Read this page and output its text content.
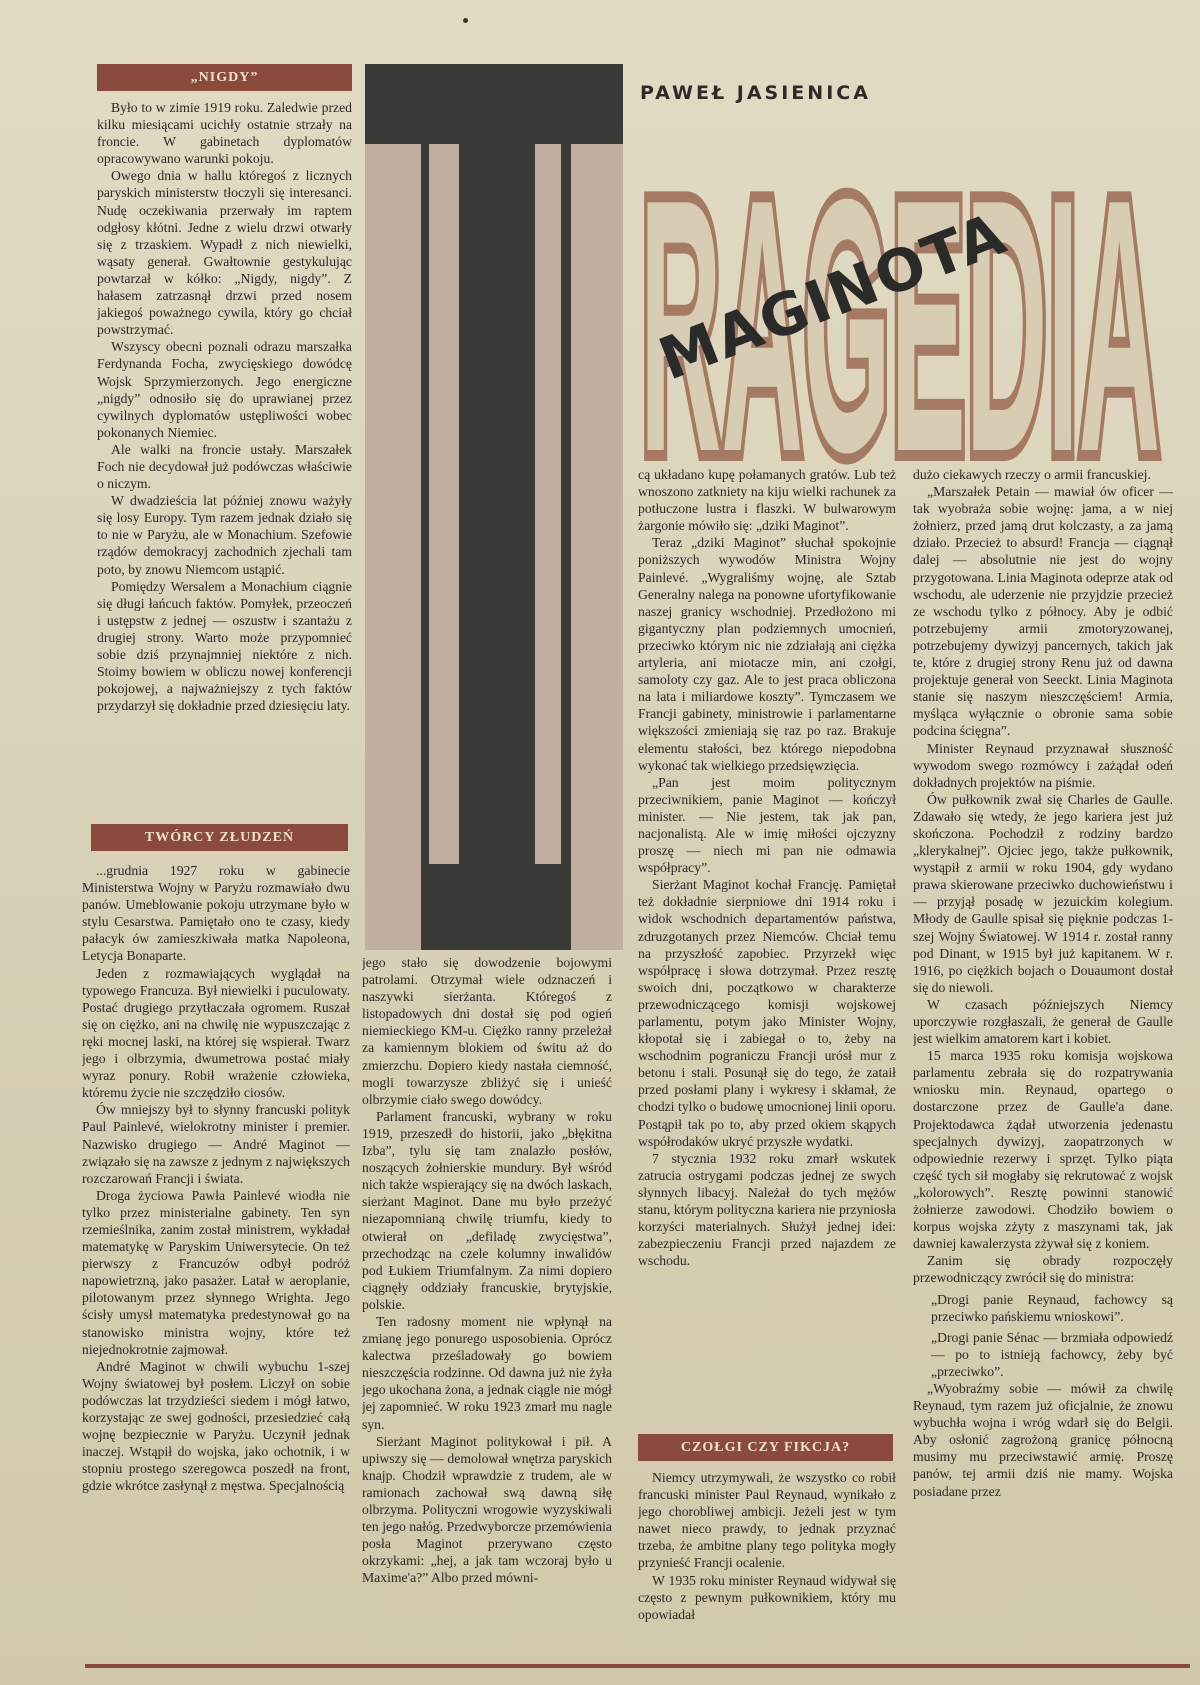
PAWEŁ JASIENICA
RAGEDIA
RAGEDIA
MAGINOTA
„NIGDY”

Było to w zimie 1919 roku. Zaledwie przed kilku miesiącami ucichły ostatnie strzały na froncie. W gabinetach dyplomatów opracowywano warunki pokoju.

Owego dnia w hallu któregoś z licznych paryskich ministerstw tłoczyli się interesanci. Nudę oczekiwania przerwały im raptem odgłosy kłótni. Jedne z wielu drzwi otwarły się z trzaskiem. Wypadł z nich niewielki, wąsaty generał. Gwałtownie gestykulując powtarzał w kółko: „Nigdy, nigdy”. Z hałasem zatrzasnął drzwi przed nosem jakiegoś poważnego cywila, który go chciał powstrzymać.

Wszyscy obecni poznali odrazu marszałka Ferdynanda Focha, zwycięskiego dowódcę Wojsk Sprzymierzonych. Jego energiczne „nigdy” odnosiło się do uprawianej przez cywilnych dyplomatów ustępliwości wobec pokonanych Niemiec.

Ale walki na froncie ustały. Marszałek Foch nie decydował już podówczas właściwie o niczym.

W dwadzieścia lat później znowu ważyły się losy Europy. Tym razem jednak działo się to nie w Paryżu, ale w Monachium. Szefowie rządów demokracyj zachodnich zjechali tam poto, by znowu Niemcom ustąpić.

Pomiędzy Wersalem a Monachium ciągnie się długi łańcuch faktów. Pomyłek, przeoczeń i ustępstw z jednej — oszustw i szantażu z drugiej strony. Warto może przypomnieć sobie dziś przynajmniej niektóre z nich. Stoimy bowiem w obliczu nowej konferencji pokojowej, a najważniejszy z tych faktów przydarzył się dokładnie przed dziesięciu laty.

TWÓRCY ZŁUDZEŃ

...grudnia 1927 roku w gabinecie Ministerstwa Wojny w Paryżu rozmawiało dwu panów. Umeblowanie pokoju utrzymane było w stylu Cesarstwa. Pamiętało ono te czasy, kiedy pałacyk ów zamieszkiwała matka Napoleona, Letycja Bonaparte.

Jeden z rozmawiających wyglądał na typowego Francuza. Był niewielki i puculowaty. Postać drugiego przytłaczała ogromem. Ruszał się on ciężko, ani na chwilę nie wypuszczając z ręki mocnej laski, na której się wspierał. Twarz jego i olbrzymia, dwumetrowa postać miały wyraz ponury. Robił wrażenie człowieka, któremu życie nie szczędziło ciosów.

Ów mniejszy był to słynny francuski polityk Paul Painlevé, wielokrotny minister i premier. Nazwisko drugiego — André Maginot — związało się na zawsze z jednym z największych rozczarowań Francji i świata.

Droga życiowa Pawła Painlevé wiodła nie tylko przez ministerialne gabinety. Ten syn rzemieślnika, zanim został ministrem, wykładał matematykę w Paryskim Uniwersytecie. On też pierwszy z Francuzów odbył podróż napowietrzną, jako pasażer. Latał w aeroplanie, pilotowanym przez słynnego Wrighta. Jego ścisły umysł matematyka predestynował go na stanowisko ministra wojny, które też niejednokrotnie zajmował.

André Maginot w chwili wybuchu 1-szej Wojny światowej był posłem. Liczył on sobie podówczas lat trzydzieści siedem i mógł łatwo, korzystając ze swej godności, przesiedzieć całą wojnę bezpiecznie w Paryżu. Uczynił jednak inaczej. Wstąpił do wojska, jako ochotnik, i w stopniu prostego szeregowca poszedł na front, gdzie wkrótce zasłynął z męstwa. Specjalnością

jego stało się dowodzenie bojowymi patrolami. Otrzymał wiele odznaczeń i naszywki sierżanta. Któregoś z listopadowych dni dostał się pod ogień niemieckiego KM-u. Ciężko ranny przeleżał za kamiennym blokiem od świtu aż do zmierzchu. Dopiero kiedy nastała ciemność, mogli towarzysze zbliżyć się i unieść olbrzymie ciało swego dowódcy.

Parlament francuski, wybrany w roku 1919, przeszedł do historii, jako „błękitna Izba”, tylu się tam znalazło posłów, noszących żołnierskie mundury. Był wśród nich także wspierający się na dwóch laskach, sierżant Maginot. Dane mu było przeżyć niezapomnianą chwilę triumfu, kiedy to otwierał on „defiladę zwycięstwa”, przechodząc na czele kolumny inwalidów pod Łukiem Triumfalnym. Za nimi dopiero ciągnęły oddziały francuskie, brytyjskie, polskie.

Ten radosny moment nie wpłynął na zmianę jego ponurego usposobienia. Oprócz kalectwa prześladowały go bowiem nieszczęścia rodzinne. Od dawna już nie żyła jego ukochana żona, a jednak ciągle nie mógł jej zapomnieć. W roku 1923 zmarł mu nagle syn.

Sierżant Maginot politykował i pił. A upiwszy się — demolował wnętrza paryskich knajp. Chodził wprawdzie z trudem, ale w ramionach zachował swą dawną siłę olbrzyma. Polityczni wrogowie wyzyskiwali ten jego nałóg. Przedwyborcze przemówienia posła Maginot przerywano często okrzykami: „hej, a jak tam wczoraj było u Maxime'a?” Albo przed mówni-

cą układano kupę połamanych gratów. Lub też wnoszono zatkniety na kiju wielki rachunek za potłuczone lustra i flaszki. W bulwarowym żargonie mówiło się: „dziki Maginot”.

Teraz „dziki Maginot” słuchał spokojnie poniższych wywodów Ministra Wojny Painlevé. „Wygraliśmy wojnę, ale Sztab Generalny nalega na ponowne ufortyfikowanie naszej granicy wschodniej. Przedłożono mi gigantyczny plan podziemnych umocnień, przeciwko którym nic nie zdziałają ani ciężka artyleria, ani miotacze min, ani czołgi, samoloty czy gaz. Ale to jest praca obliczona na lata i miliardowe koszty”. Tymczasem we Francji gabinety, ministrowie i parlamentarne większości zmieniają się raz po raz. Brakuje elementu stałości, bez którego niepodobna wykonać tak wielkiego przedsięwzięcia.

„Pan jest moim politycznym przeciwnikiem, panie Maginot — kończył minister. — Nie jestem, tak jak pan, nacjonalistą. Ale w imię miłości ojczyzny proszę — niech mi pan nie odmawia współpracy”.

Sierżant Maginot kochał Francję. Pamiętał też dokładnie sierpniowe dni 1914 roku i widok wschodnich departamentów państwa, zdruzgotanych przez Niemców. Chciał temu na przyszłość zapobiec. Przyrzekł więc współpracę i słowa dotrzymał. Przez resztę swoich dni, początkowo w charakterze przewodniczącego komisji wojskowej parlamentu, potym jako Minister Wojny, kłopotał się i zabiegał o to, żeby na wschodnim pograniczu Francji urósł mur z betonu i stali. Posunął się do tego, że zataił przed posłami plany i wykresy i skłamał, że chodzi tylko o budowę umocnionej linii oporu. Postąpił tak po to, aby przed okiem skąpych współrodaków ukryć przyszłe wydatki.

7 stycznia 1932 roku zmarł wskutek zatrucia ostrygami podczas jednej ze swych słynnych libacyj. Należał do tych mężów stanu, którym polityczna kariera nie przyniosła korzyści materialnych. Służył jednej idei: zabezpieczeniu Francji przed najazdem ze wschodu.

CZOŁGI CZY FIKCJA?

Niemcy utrzymywali, że wszystko co robił francuski minister Paul Reynaud, wynikało z jego chorobliwej ambicji. Jeżeli jest w tym nawet nieco prawdy, to jednak przyznać trzeba, że ambitne plany tego polityka mogły przynieść Francji ocalenie.

W 1935 roku minister Reynaud widywał się często z pewnym pułkownikiem, który mu opowiadał

dużo ciekawych rzeczy o armii francuskiej.

„Marszałek Petain — mawiał ów oficer — tak wyobraża sobie wojnę: jama, a w niej żołnierz, przed jamą drut kolczasty, a za jamą działo. Przecież to absurd! Francja — ciągnął dalej — absolutnie nie jest do wojny przygotowana. Linia Maginota odeprze atak od wschodu, ale uderzenie nie przyjdzie przecież ze wschodu tylko z północy. Aby je odbić potrzebujemy armii zmotoryzowanej, potrzebujemy dywizyj pancernych, takich jak te, które z drugiej strony Renu już od dawna projektuje generał von Seeckt. Linia Maginota stanie się naszym nieszczęściem! Armia, myśląca wyłącznie o obronie sama sobie podcina ścięgna”.

Minister Reynaud przyznawał słuszność wywodom swego rozmówcy i zażądał odeń dokładnych projektów na piśmie.

Ów pułkownik zwał się Charles de Gaulle. Zdawało się wtedy, że jego kariera jest już skończona. Pochodził z rodziny bardzo „klerykalnej”. Ojciec jego, także pułkownik, wystąpił z armii w roku 1904, gdy wydano prawa skierowane przeciwko duchowieństwu i — przyjął posadę w jezuickim kolegium. Młody de Gaulle spisał się pięknie podczas 1-szej Wojny Światowej. W 1914 r. został ranny pod Dinant, w 1915 był już kapitanem. W r. 1916, po ciężkich bojach o Douaumont dostał się do niewoli.

W czasach późniejszych Niemcy uporczywie rozgłaszali, że generał de Gaulle jest wielkim amatorem kart i kobiet.

15 marca 1935 roku komisja wojskowa parlamentu zebrała się do rozpatrywania wniosku min. Reynaud, opartego o dostarczone przez de Gaulle'a dane. Projektodawca żądał utworzenia jedenastu specjalnych dywizyj, zaopatrzonych w odpowiednie rezerwy i sprzęt. Tylko piąta część tych sił mogłaby się rekrutować z wojsk „kolorowych”. Resztę powinni stanowić żołnierze zawodowi. Chodziło bowiem o korpus wojska zżyty z maszynami tak, jak dawniej kawalerzysta zżywał się z koniem.

Zanim się obrady rozpoczęły przewodniczący zwrócił się do ministra:

„Drogi panie Reynaud, fachowcy są przeciwko pańskiemu wnioskowi”.

„Drogi panie Sénac — brzmiała odpowiedź — po to istnieją fachowcy, żeby być „przeciwko”.

„Wyobraźmy sobie — mówił za chwilę Reynaud, tym razem już oficjalnie, że znowu wybuchła wojna i wróg wdarł się do Belgii. Aby osłonić zagrożoną granicę północną musimy mu przeciwstawić armię. Proszę panów, tej armii dziś nie mamy. Wojska posiadane przez
